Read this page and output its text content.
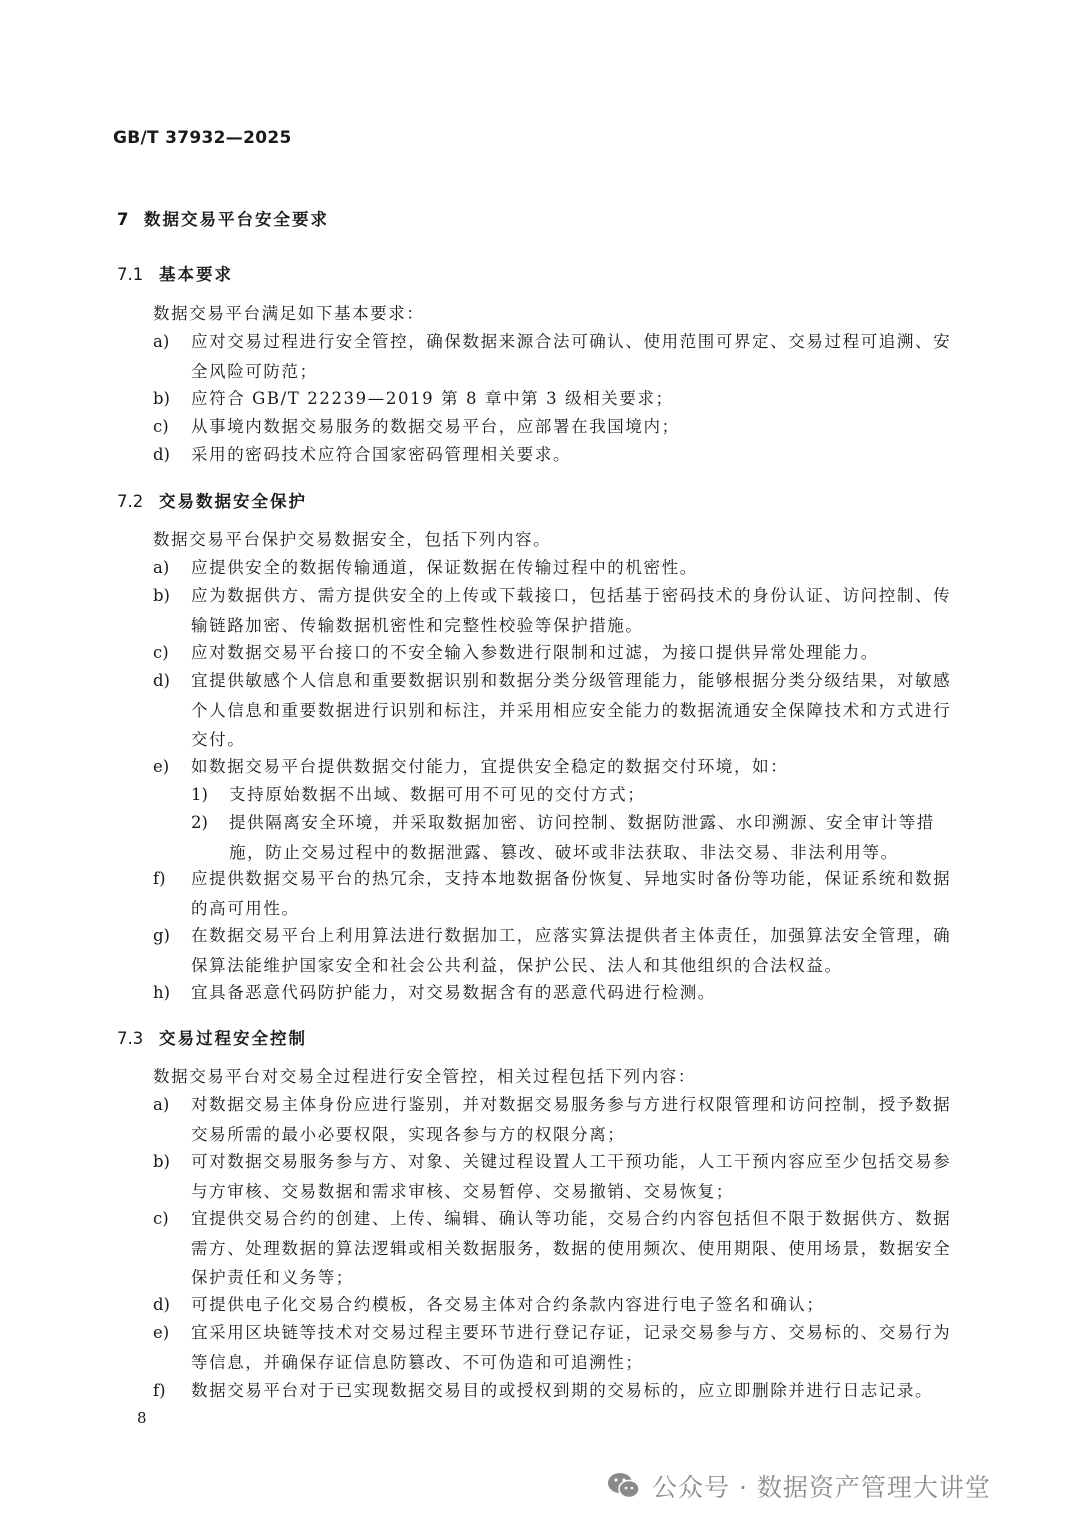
GB/T 37932—2025
7 数据交易平台安全要求
7.1 基本要求
数据交易平台满足如下基本要求：
a) 应对交易过程进行安全管控，确保数据来源合法可确认、使用范围可界定、交易过程可追溯、安全风险可防范；
b) 应符合 GB/T 22239—2019 第 8 章中第 3 级相关要求；
c) 从事境内数据交易服务的数据交易平台，应部署在我国境内；
d) 采用的密码技术应符合国家密码管理相关要求。
7.2 交易数据安全保护
数据交易平台保护交易数据安全，包括下列内容。
a) 应提供安全的数据传输通道，保证数据在传输过程中的机密性。
b) 应为数据供方、需方提供安全的上传或下载接口，包括基于密码技术的身份认证、访问控制、传输链路加密、传输数据机密性和完整性校验等保护措施。
c) 应对数据交易平台接口的不安全输入参数进行限制和过滤，为接口提供异常处理能力。
d) 宜提供敏感个人信息和重要数据识别和数据分类分级管理能力，能够根据分类分级结果，对敏感个人信息和重要数据进行识别和标注，并采用相应安全能力的数据流通安全保障技术和方式进行交付。
e) 如数据交易平台提供数据交付能力，宜提供安全稳定的数据交付环境，如：
1) 支持原始数据不出域、数据可用不可见的交付方式；
2) 提供隔离安全环境，并采取数据加密、访问控制、数据防泄露、水印溯源、安全审计等措施，防止交易过程中的数据泄露、篡改、破坏或非法获取、非法交易、非法利用等。
f) 应提供数据交易平台的热冗余，支持本地数据备份恢复、异地实时备份等功能，保证系统和数据的高可用性。
g) 在数据交易平台上利用算法进行数据加工，应落实算法提供者主体责任，加强算法安全管理，确保算法能维护国家安全和社会公共利益，保护公民、法人和其他组织的合法权益。
h) 宜具备恶意代码防护能力，对交易数据含有的恶意代码进行检测。
7.3 交易过程安全控制
数据交易平台对交易全过程进行安全管控，相关过程包括下列内容：
a) 对数据交易主体身份应进行鉴别，并对数据交易服务参与方进行权限管理和访问控制，授予数据交易所需的最小必要权限，实现各参与方的权限分离；
b) 可对数据交易服务参与方、对象、关键过程设置人工干预功能，人工干预内容应至少包括交易参与方审核、交易数据和需求审核、交易暂停、交易撤销、交易恢复；
c) 宜提供交易合约的创建、上传、编辑、确认等功能，交易合约内容包括但不限于数据供方、数据需方、处理数据的算法逻辑或相关数据服务，数据的使用频次、使用期限、使用场景，数据安全保护责任和义务等；
d) 可提供电子化交易合约模板，各交易主体对合约条款内容进行电子签名和确认；
e) 宜采用区块链等技术对交易过程主要环节进行登记存证，记录交易参与方、交易标的、交易行为等信息，并确保存证信息防篡改、不可伪造和可追溯性；
f) 数据交易平台对于已实现数据交易目的或授权到期的交易标的，应立即删除并进行日志记录。
8
公众号 · 数据资产管理大讲堂
